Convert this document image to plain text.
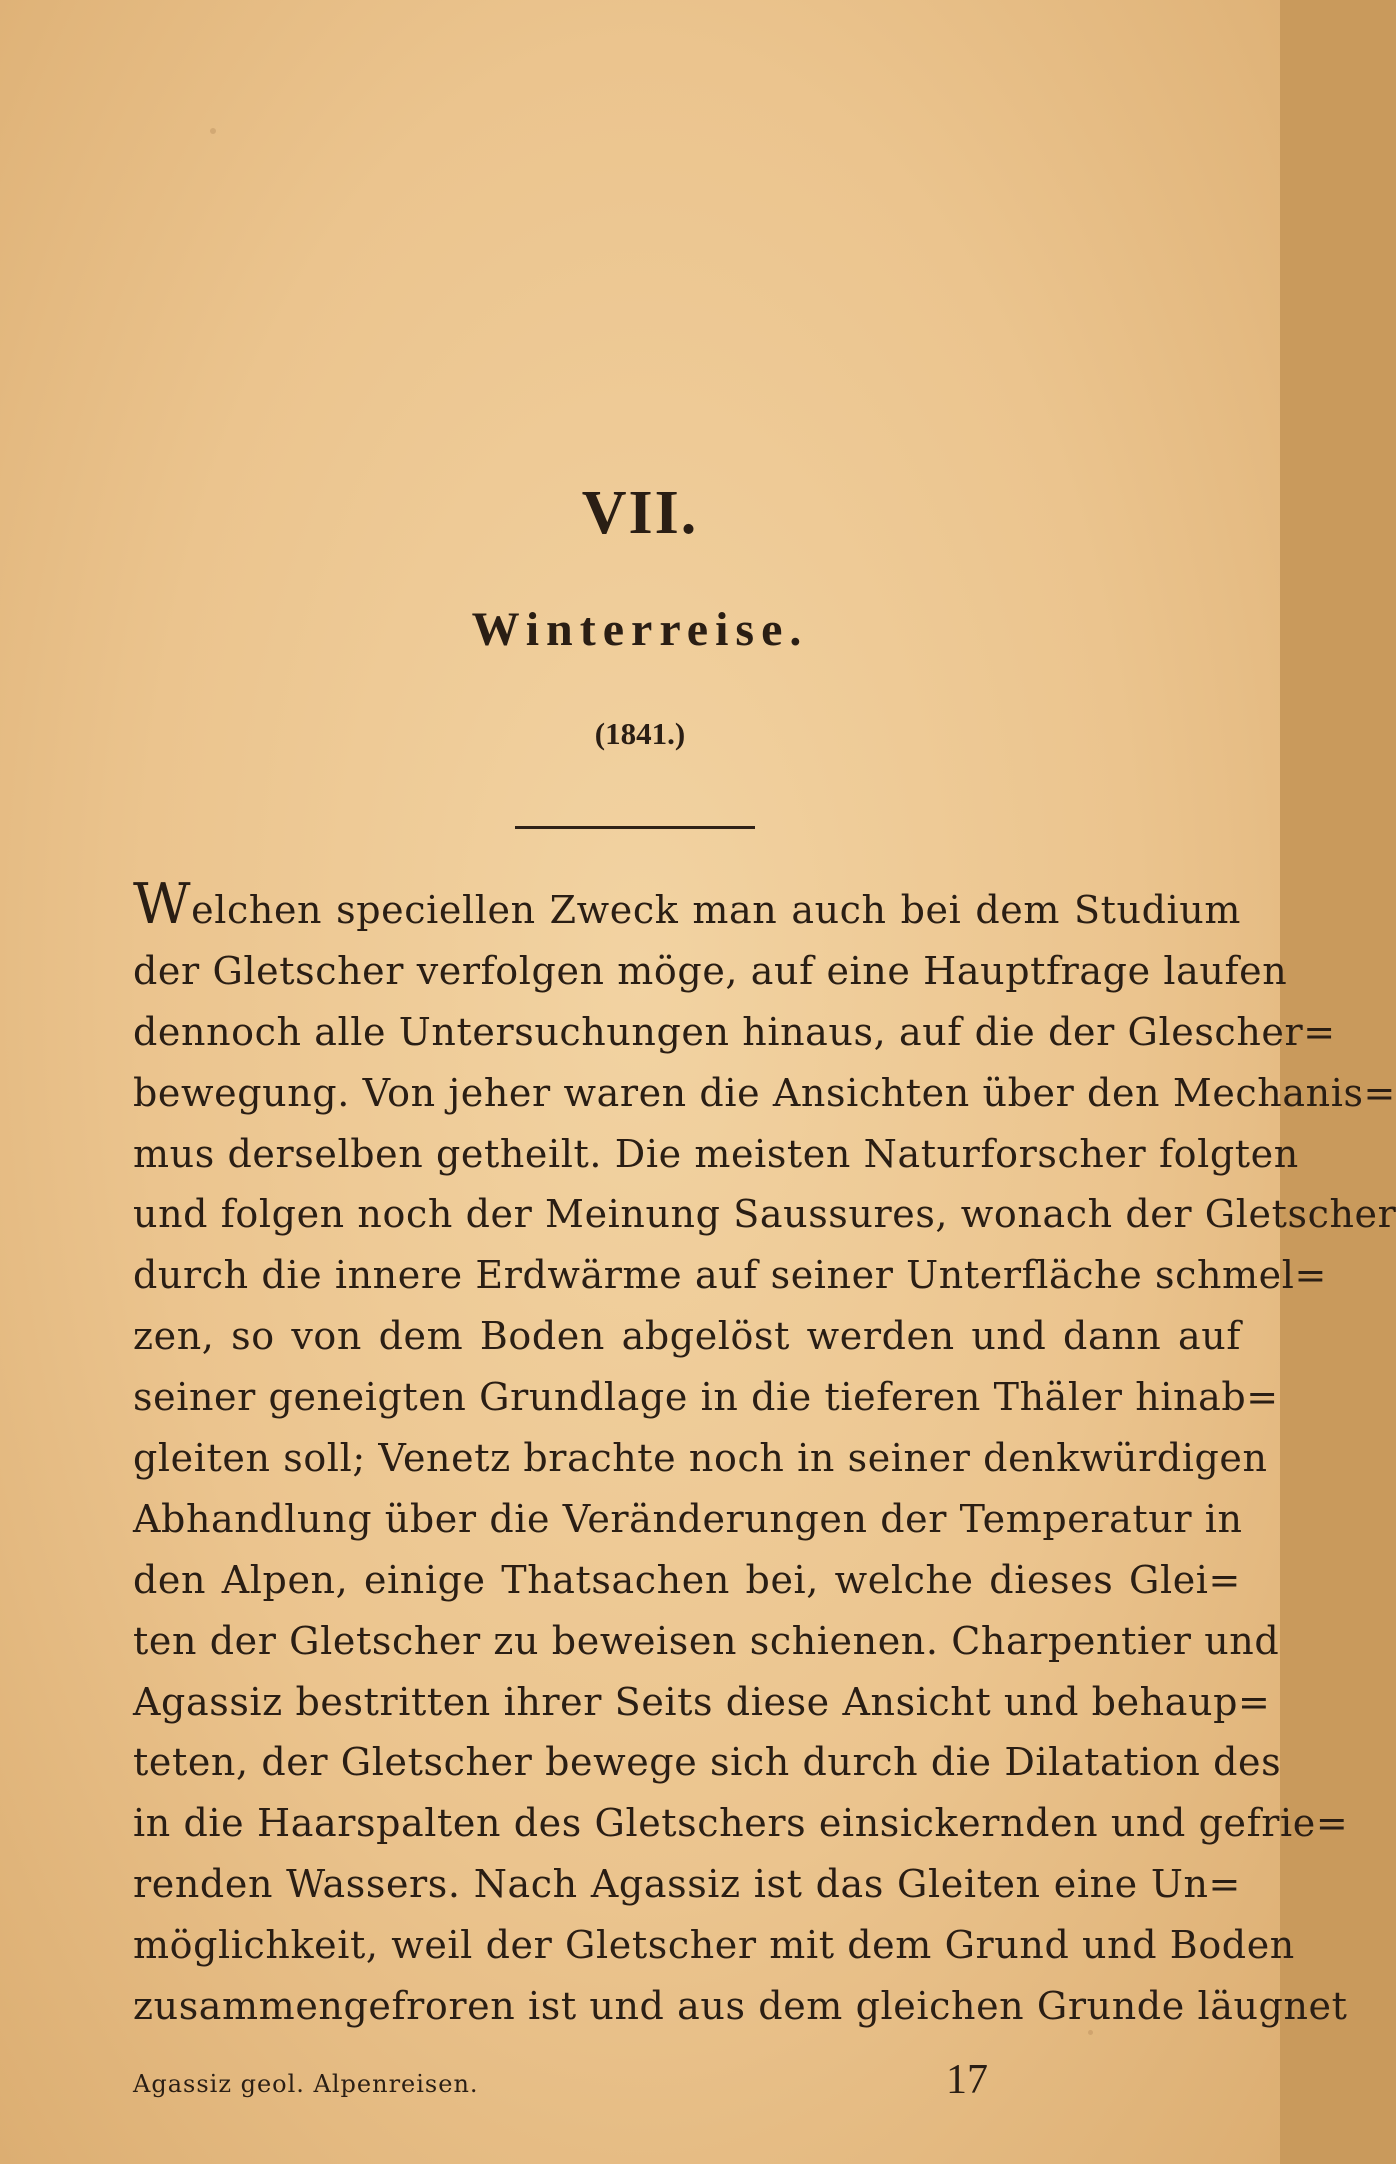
VII.
Winterreise.
(1841.)
Welchen speciellen Zweck man auch bei dem Studium
der Gletscher verfolgen möge, auf eine Hauptfrage laufen
dennoch alle Untersuchungen hinaus, auf die der Glescher=
bewegung. Von jeher waren die Ansichten über den Mechanis=
mus derselben getheilt. Die meisten Naturforscher folgten
und folgen noch der Meinung Saussures, wonach der Gletscher
durch die innere Erdwärme auf seiner Unterfläche schmel=
zen, so von dem Boden abgelöst werden und dann auf
seiner geneigten Grundlage in die tieferen Thäler hinab=
gleiten soll; Venetz brachte noch in seiner denkwürdigen
Abhandlung über die Veränderungen der Temperatur in
den Alpen, einige Thatsachen bei, welche dieses Glei=
ten der Gletscher zu beweisen schienen. Charpentier und
Agassiz bestritten ihrer Seits diese Ansicht und behaup=
teten, der Gletscher bewege sich durch die Dilatation des
in die Haarspalten des Gletschers einsickernden und gefrie=
renden Wassers. Nach Agassiz ist das Gleiten eine Un=
möglichkeit, weil der Gletscher mit dem Grund und Boden
zusammengefroren ist und aus dem gleichen Grunde läugnet
Agassiz geol. Alpenreisen.	17
